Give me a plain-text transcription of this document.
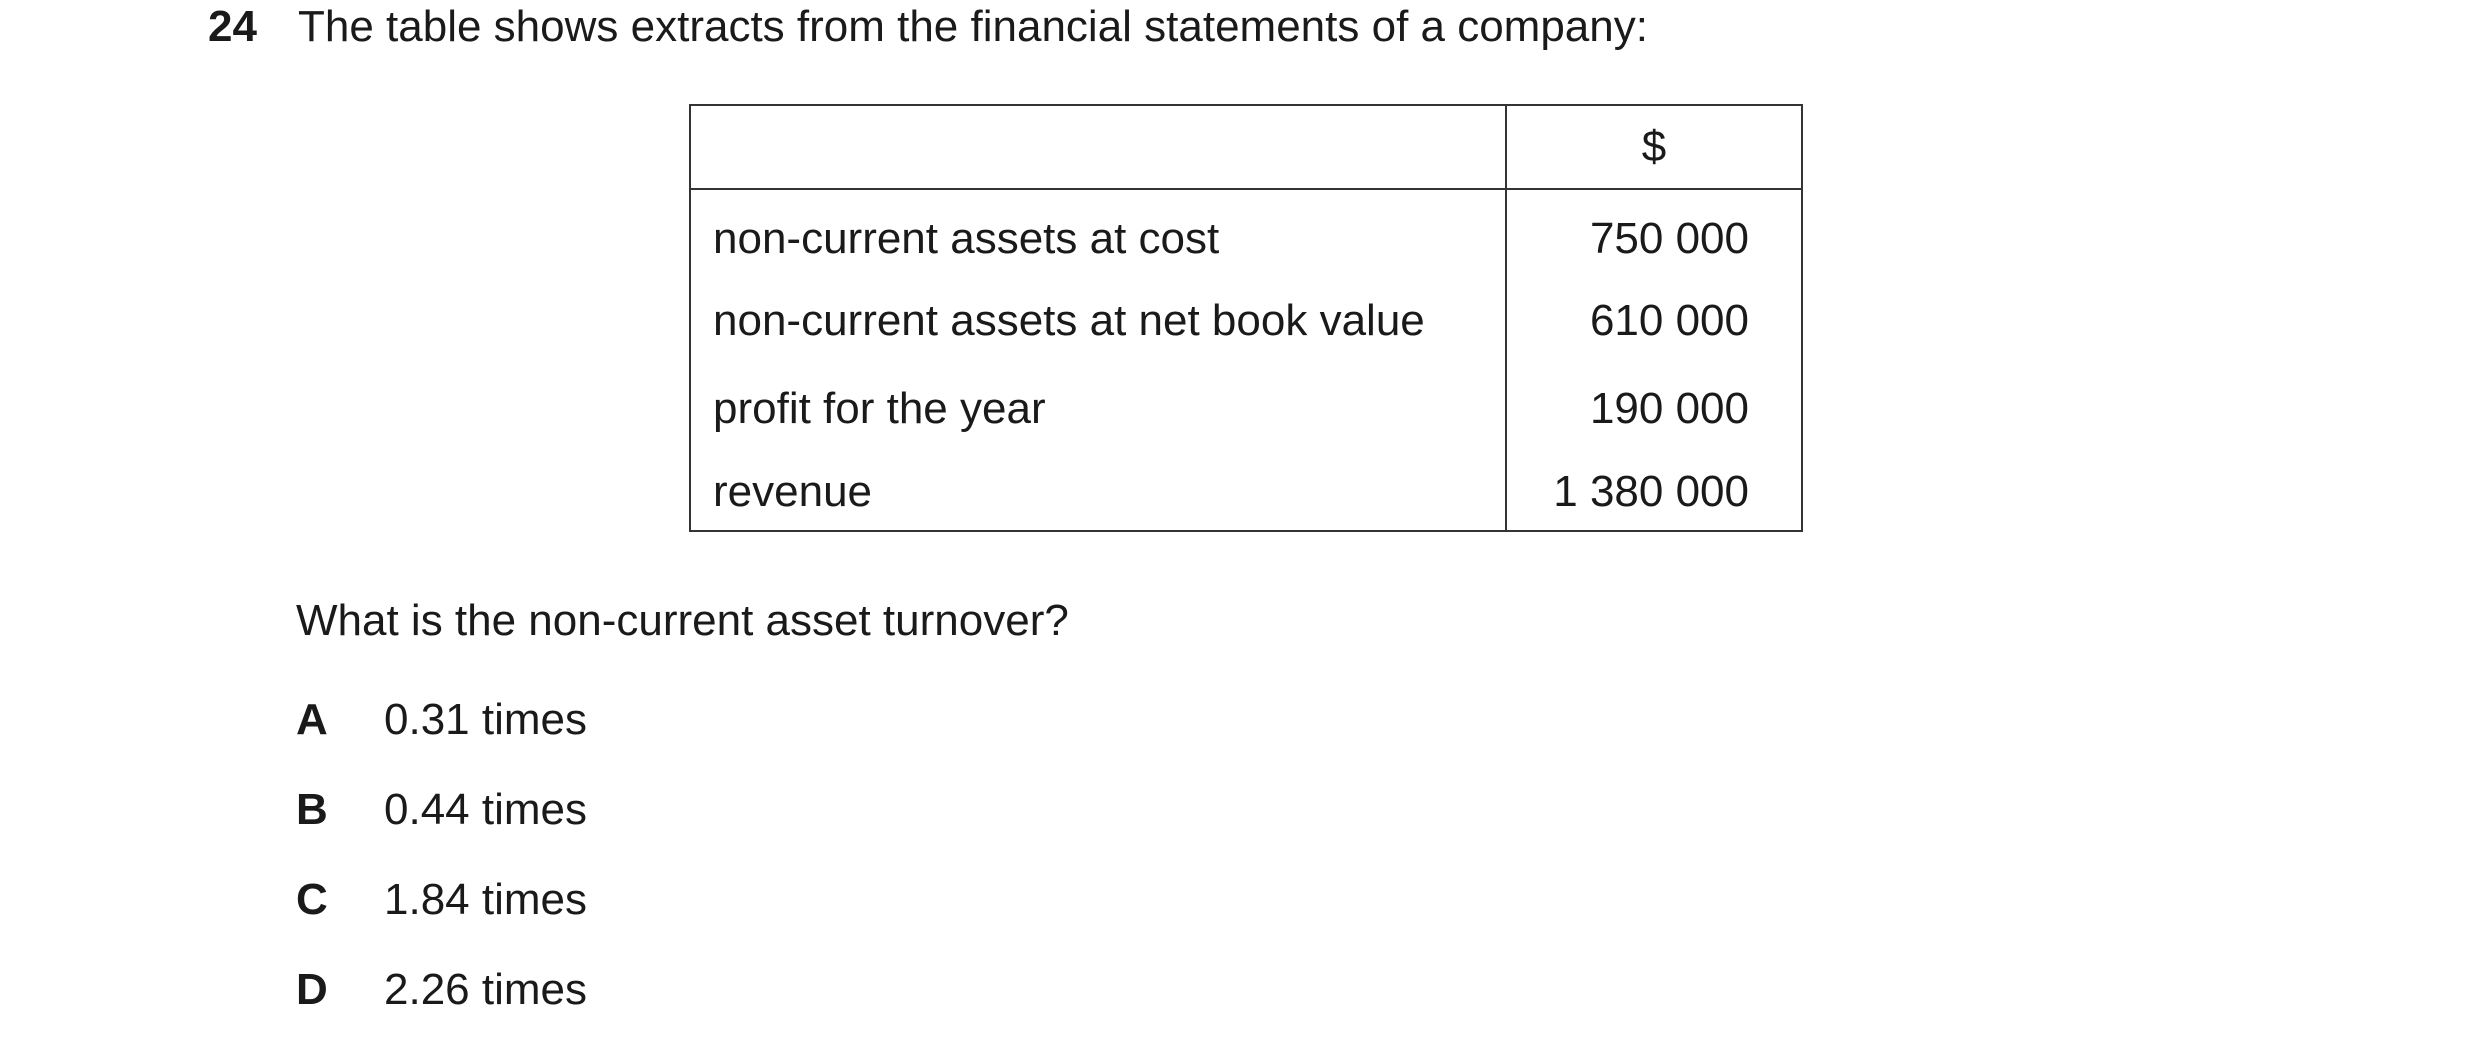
24 The table shows extracts from the financial statements of a company:
	$
non-current assets at cost	750 000
non-current assets at net book value	610 000
profit for the year	190 000
revenue	1 380 000
What is the non-current asset turnover?
A 0.31 times
B 0.44 times
C 1.84 times
D 2.26 times
